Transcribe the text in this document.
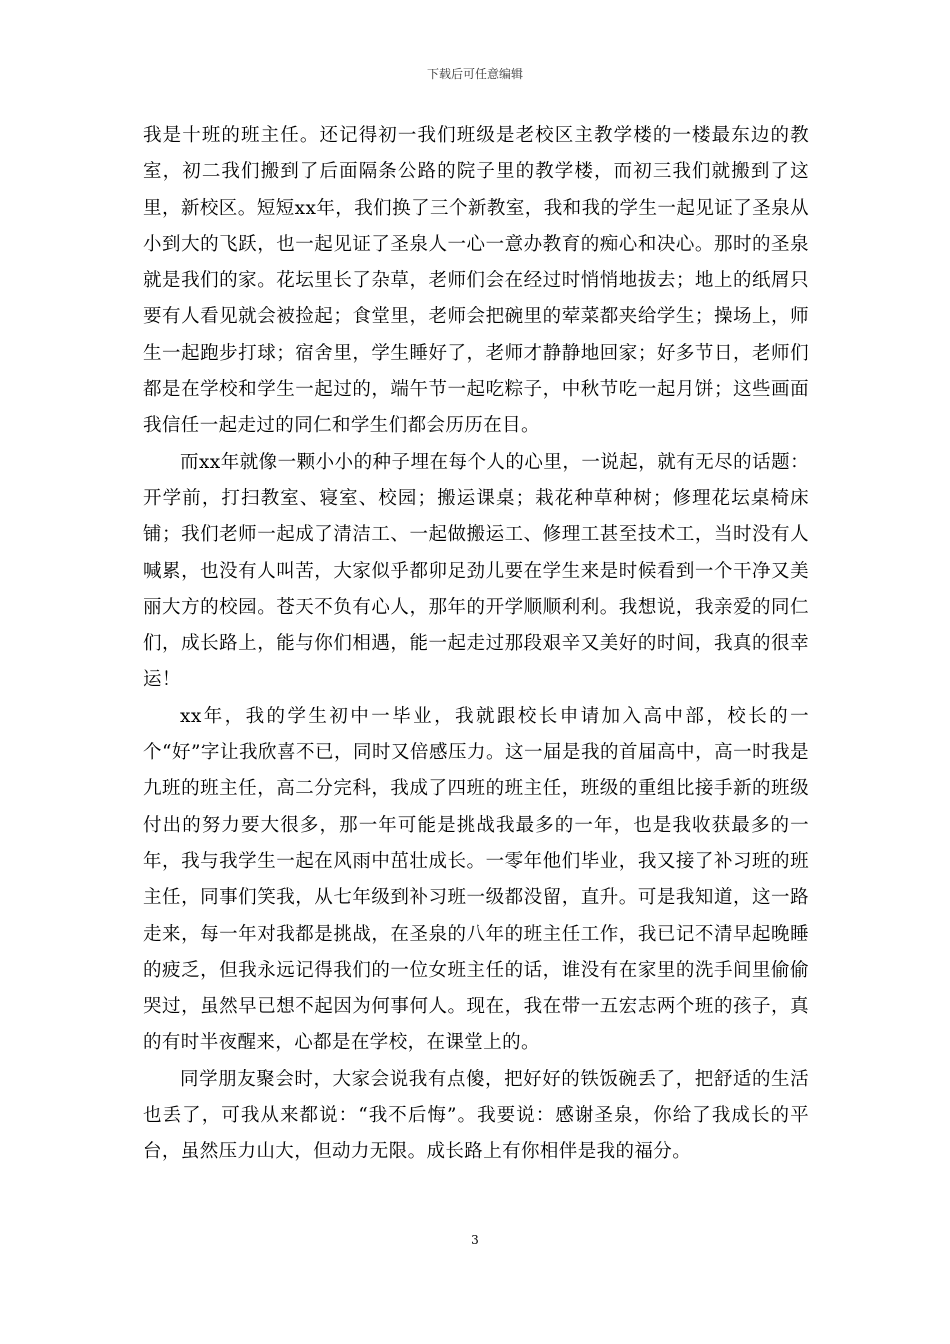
下载后可任意编辑

我是十班的班主任。还记得初一我们班级是老校区主教学楼的一楼最东边的教室，初二我们搬到了后面隔条公路的院子里的教学楼，而初三我们就搬到了这里，新校区。短短xx年，我们换了三个新教室，我和我的学生一起见证了圣泉从小到大的飞跃，也一起见证了圣泉人一心一意办教育的痴心和决心。那时的圣泉就是我们的家。花坛里长了杂草，老师们会在经过时悄悄地拔去；地上的纸屑只要有人看见就会被捡起；食堂里，老师会把碗里的荤菜都夹给学生；操场上，师生一起跑步打球；宿舍里，学生睡好了，老师才静静地回家；好多节日，老师们都是在学校和学生一起过的，端午节一起吃粽子，中秋节吃一起月饼；这些画面我信任一起走过的同仁和学生们都会历历在目。

而xx年就像一颗小小的种子埋在每个人的心里，一说起，就有无尽的话题：开学前，打扫教室、寝室、校园；搬运课桌；栽花种草种树；修理花坛桌椅床铺；我们老师一起成了清洁工、一起做搬运工、修理工甚至技术工，当时没有人喊累，也没有人叫苦，大家似乎都卯足劲儿要在学生来是时候看到一个干净又美丽大方的校园。苍天不负有心人，那年的开学顺顺利利。我想说，我亲爱的同仁们，成长路上，能与你们相遇，能一起走过那段艰辛又美好的时间，我真的很幸运！

xx年，我的学生初中一毕业，我就跟校长申请加入高中部，校长的一个“好”字让我欣喜不已，同时又倍感压力。这一届是我的首届高中，高一时我是九班的班主任，高二分完科，我成了四班的班主任，班级的重组比接手新的班级付出的努力要大很多，那一年可能是挑战我最多的一年，也是我收获最多的一年，我与我学生一起在风雨中茁壮成长。一零年他们毕业，我又接了补习班的班主任，同事们笑我，从七年级到补习班一级都没留，直升。可是我知道，这一路走来，每一年对我都是挑战，在圣泉的八年的班主任工作，我已记不清早起晚睡的疲乏，但我永远记得我们的一位女班主任的话，谁没有在家里的洗手间里偷偷哭过，虽然早已想不起因为何事何人。现在，我在带一五宏志两个班的孩子，真的有时半夜醒来，心都是在学校，在课堂上的。

同学朋友聚会时，大家会说我有点傻，把好好的铁饭碗丢了，把舒适的生活也丢了，可我从来都说：“我不后悔”。我要说：感谢圣泉，你给了我成长的平台，虽然压力山大，但动力无限。成长路上有你相伴是我的福分。

3
